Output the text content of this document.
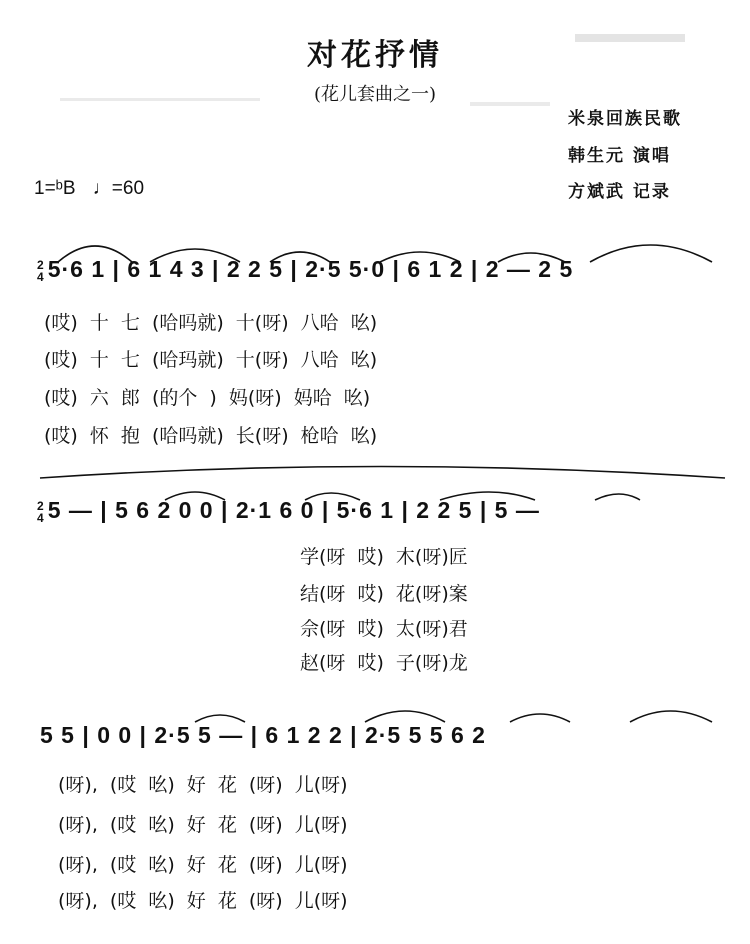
对花抒情
(花儿套曲之一)
米泉回族民歌
韩生元 演唱
方斌武 记录
1=ᵇB ♩=60
2
4 5·6 1 | 6 1 4 3 | 2 2 5 | 2·5 5·0 | 6 1 2 | 2 — 2 5
(哎) 十 七 (哈吗就) 十(呀) 八哈 吆)
(哎) 十 七 (哈玛就) 十(呀) 八哈 吆)
(哎) 六 郎 (的个 ) 妈(呀) 妈哈 吆)
(哎) 怀 抱 (哈吗就) 长(呀) 枪哈 吆)
2
4 5 — | 5 6 2 0 0 | 2·1 6 0 | 5·6 1 | 2 2 5 | 5 —
学(呀 哎) 木(呀)匠
结(呀 哎) 花(呀)案
佘(呀 哎) 太(呀)君
赵(呀 哎) 子(呀)龙
5 5 | 0 0 | 2·5 5 — | 6 1 2 2 | 2·5 5 5 6 2
(呀), (哎 吆) 好 花 (呀) 儿(呀)
(呀), (哎 吆) 好 花 (呀) 儿(呀)
(呀), (哎 吆) 好 花 (呀) 儿(呀)
(呀), (哎 吆) 好 花 (呀) 儿(呀)
